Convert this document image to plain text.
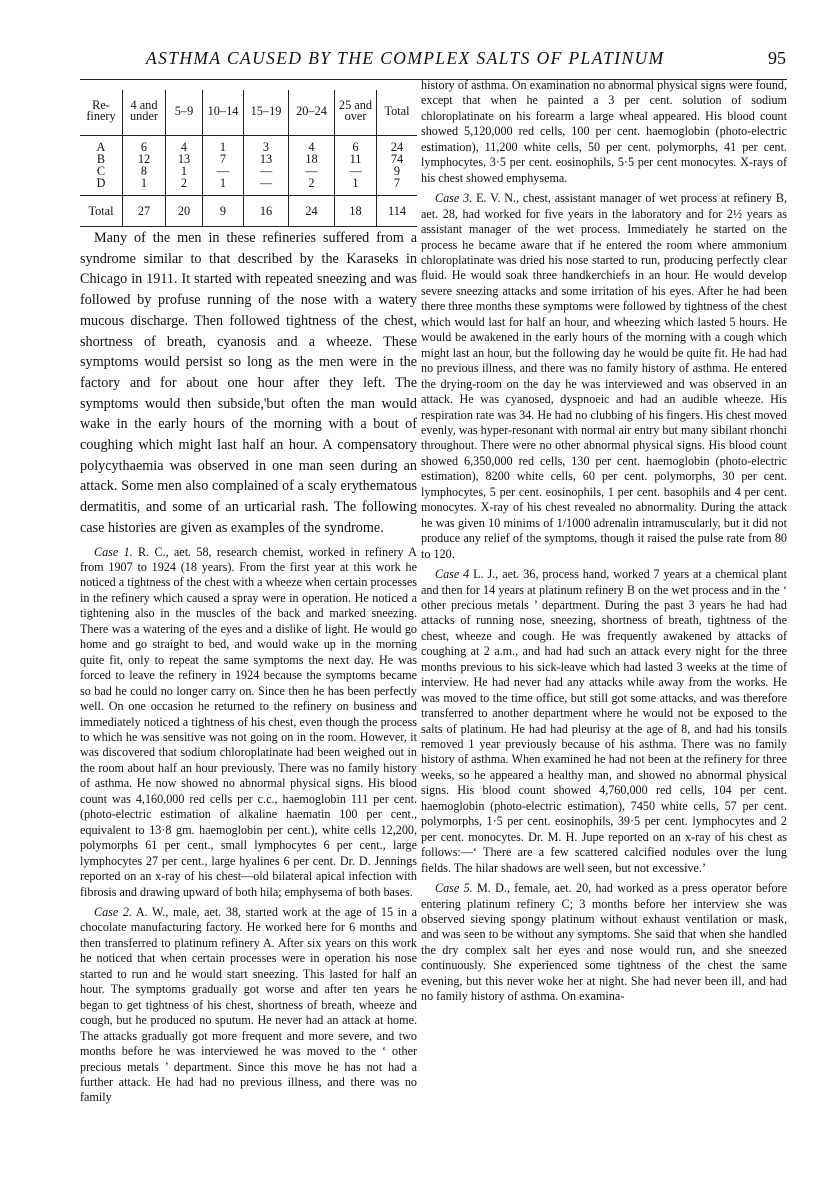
ASTHMA CAUSED BY THE COMPLEX SALTS OF PLATINUM	95
Re-finery	4 and under	5–9	10–14	15–19	20–24	25 and over	Total
A	6	4	1	3	4	6	24
B	12	13	7	13	18	11	74
C	8	1	—	—	—	—	9
D	1	2	1	—	2	1	7
Total	27	20	9	16	24	18	114

Many of the men in these refineries suffered from a syndrome similar to that described by the Karaseks in Chicago in 1911. It started with repeated sneezing and was followed by profuse running of the nose with a watery mucous discharge. Then followed tightness of the chest, shortness of breath, cyanosis and a wheeze. These symptoms would persist so long as the men were in the factory and for about one hour after they left. The symptoms would then subside,'but often the man would wake in the early hours of the morning with a bout of coughing which might last half an hour. A compensatory polycythaemia was observed in one man seen during an attack. Some men also complained of a scaly erythematous dermatitis, and some of an urticarial rash. The following case histories are given as examples of the syndrome.

Case 1. R. C., aet. 58, research chemist, worked in refinery A from 1907 to 1924 (18 years). From the first year at this work he noticed a tightness of the chest with a wheeze when certain processes in the refinery which caused a spray were in operation. He noticed a tightening also in the muscles of the back and marked sneezing. There was a watering of the eyes and a dislike of light. He would go home and go straight to bed, and would wake up in the morning quite fit, only to repeat the same symptoms the next day. He was forced to leave the refinery in 1924 because the symptoms became so bad he could no longer carry on. Since then he has been perfectly well. On one occasion he returned to the refinery on business and immediately noticed a tightness of his chest, even though the process to which he was sensitive was not going on in the room. However, it was discovered that sodium chloroplatinate had been weighed out in the room about half an hour previously. There was no family history of asthma. He now showed no abnormal physical signs. His blood count was 4,160,000 red cells per c.c., haemoglobin 111 per cent. (photo-electric estimation of alkaline haematin 100 per cent., equivalent to 13·8 gm. haemoglobin per cent.), white cells 12,200, polymorphs 61 per cent., small lymphocytes 6 per cent., large lymphocytes 27 per cent., large hyalines 6 per cent. Dr. D. Jennings reported on an x-ray of his chest—old bilateral apical infection with fibrosis and drawing upward of both hila; emphysema of both bases.

Case 2. A. W., male, aet. 38, started work at the age of 15 in a chocolate manufacturing factory. He worked here for 6 months and then transferred to platinum refinery A. After six years on this work he noticed that when certain processes were in operation his nose started to run and he would start sneezing. This lasted for half an hour. The symptoms gradually got worse and after ten years he began to get tightness of his chest, shortness of breath, wheeze and cough, but he produced no sputum. He never had an attack at home. The attacks gradually got more frequent and more severe, and two months before he was interviewed he was moved to the ‘ other precious metals ’ department. Since this move he has not had a further attack. He had had no previous illness, and there was no family

history of asthma. On examination no abnormal physical signs were found, except that when he painted a 3 per cent. solution of sodium chloroplatinate on his forearm a large wheal appeared. His blood count showed 5,120,000 red cells, 100 per cent. haemoglobin (photo-electric estimation), 11,200 white cells, 50 per cent. polymorphs, 41 per cent. lymphocytes, 3·5 per cent. eosinophils, 5·5 per cent monocytes. X-rays of his chest showed emphysema.

Case 3. E. V. N., chest, assistant manager of wet process at refinery B, aet. 28, had worked for five years in the laboratory and for 2½ years as assistant manager of the wet process. Immediately he started on the process he became aware that if he entered the room where ammonium chloroplatinate was dried his nose started to run, producing perfectly clear fluid. He would soak three handkerchiefs in an hour. He would develop severe sneezing attacks and some irritation of his eyes. After he had been there three months these symptoms were followed by tightness of the chest which would last for half an hour, and wheezing which lasted 5 hours. He would be awakened in the early hours of the morning with a cough which might last an hour, but the following day he would be quite fit. He had had no previous illness, and there was no family history of asthma. He entered the drying-room on the day he was interviewed and was observed in an attack. He was cyanosed, dyspnoeic and had an audible wheeze. His respiration rate was 34. He had no clubbing of his fingers. His chest moved evenly, was hyper-resonant with normal air entry but many sibilant rhonchi throughout. There were no other abnormal physical signs. His blood count showed 6,350,000 red cells, 130 per cent. haemoglobin (photo-electric estimation), 8200 white cells, 60 per cent. polymorphs, 30 per cent. lymphocytes, 5 per cent. eosinophils, 1 per cent. basophils and 4 per cent. monocytes. X-ray of his chest revealed no abnormality. During the attack he was given 10 minims of 1/1000 adrenalin intramuscularly, but it did not produce any relief of the symptoms, though it raised the pulse rate from 80 to 120.

Case 4 L. J., aet. 36, process hand, worked 7 years at a chemical plant and then for 14 years at platinum refinery B on the wet process and in the ‘ other precious metals ’ department. During the past 3 years he had had attacks of running nose, sneezing, shortness of breath, tightness of the chest, wheeze and cough. He was frequently awakened by attacks of coughing at 2 a.m., and had had such an attack every night for the three months previous to his sick-leave which had lasted 3 weeks at the time of interview. He had never had any attacks while away from the works. He was moved to the time office, but still got some attacks, and was therefore transferred to another department where he would not be exposed to the salts of platinum. He had had pleurisy at the age of 8, and had his tonsils removed 1 year previously because of his asthma. There was no family history of asthma. When examined he had not been at the refinery for three weeks, so he appeared a healthy man, and showed no abnormal physical signs. His blood count showed 4,760,000 red cells, 104 per cent. haemoglobin (photo-electric estimation), 7450 white cells, 57 per cent. polymorphs, 1·5 per cent. eosinophils, 39·5 per cent. lymphocytes and 2 per cent. monocytes. Dr. M. H. Jupe reported on an x-ray of his chest as follows:—‘ There are a few scattered calcified nodules over the lung fields. The hilar shadows are well seen, but not excessive.’

Case 5. M. D., female, aet. 20, had worked as a press operator before entering platinum refinery C; 3 months before her interview she was observed sieving spongy platinum without exhaust ventilation or mask, and was seen to be without any symptoms. She said that when she handled the dry complex salt her eyes and nose would run, and she sneezed continuously. She experienced some tightness of the chest the same evening, but this never woke her at night. She had never been ill, and had no family history of asthma. On examina-
